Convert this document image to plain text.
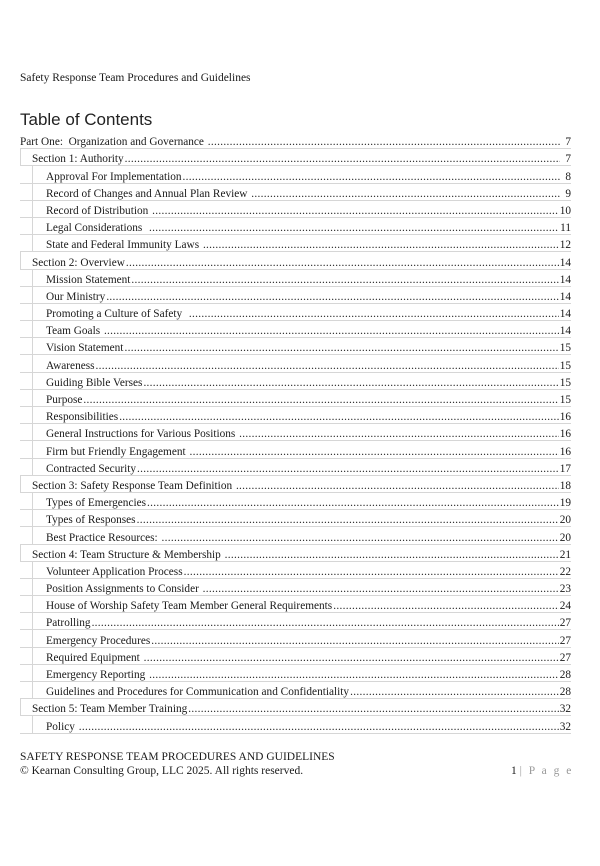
Safety Response Team Procedures and Guidelines
Table of Contents
Part One:  Organization and Governance .....	7
Section 1: Authority .....	7
Approval For Implementation .....	8
Record of Changes and Annual Plan Review .....	9
Record of Distribution .....	10
Legal Considerations .....	11
State and Federal Immunity Laws .....	12
Section 2: Overview .....	14
Mission Statement .....	14
Our Ministry .....	14
Promoting a Culture of Safety .....	14
Team Goals .....	14
Vision Statement .....	15
Awareness .....	15
Guiding Bible Verses .....	15
Purpose .....	15
Responsibilities .....	16
General Instructions for Various Positions .....	16
Firm but Friendly Engagement .....	16
Contracted Security .....	17
Section 3: Safety Response Team Definition .....	18
Types of Emergencies .....	19
Types of Responses .....	20
Best Practice Resources: .....	20
Section 4: Team Structure & Membership .....	21
Volunteer Application Process .....	22
Position Assignments to Consider .....	23
House of Worship Safety Team Member General Requirements .....	24
Patrolling .....	27
Emergency Procedures .....	27
Required Equipment .....	27
Emergency Reporting .....	28
Guidelines and Procedures for Communication and Confidentiality .....	28
Section 5: Team Member Training .....	32
Policy .....	32
SAFETY RESPONSE TEAM PROCEDURES AND GUIDELINES
© Kearnan Consulting Group, LLC 2025. All rights reserved.	1 | P a g e
